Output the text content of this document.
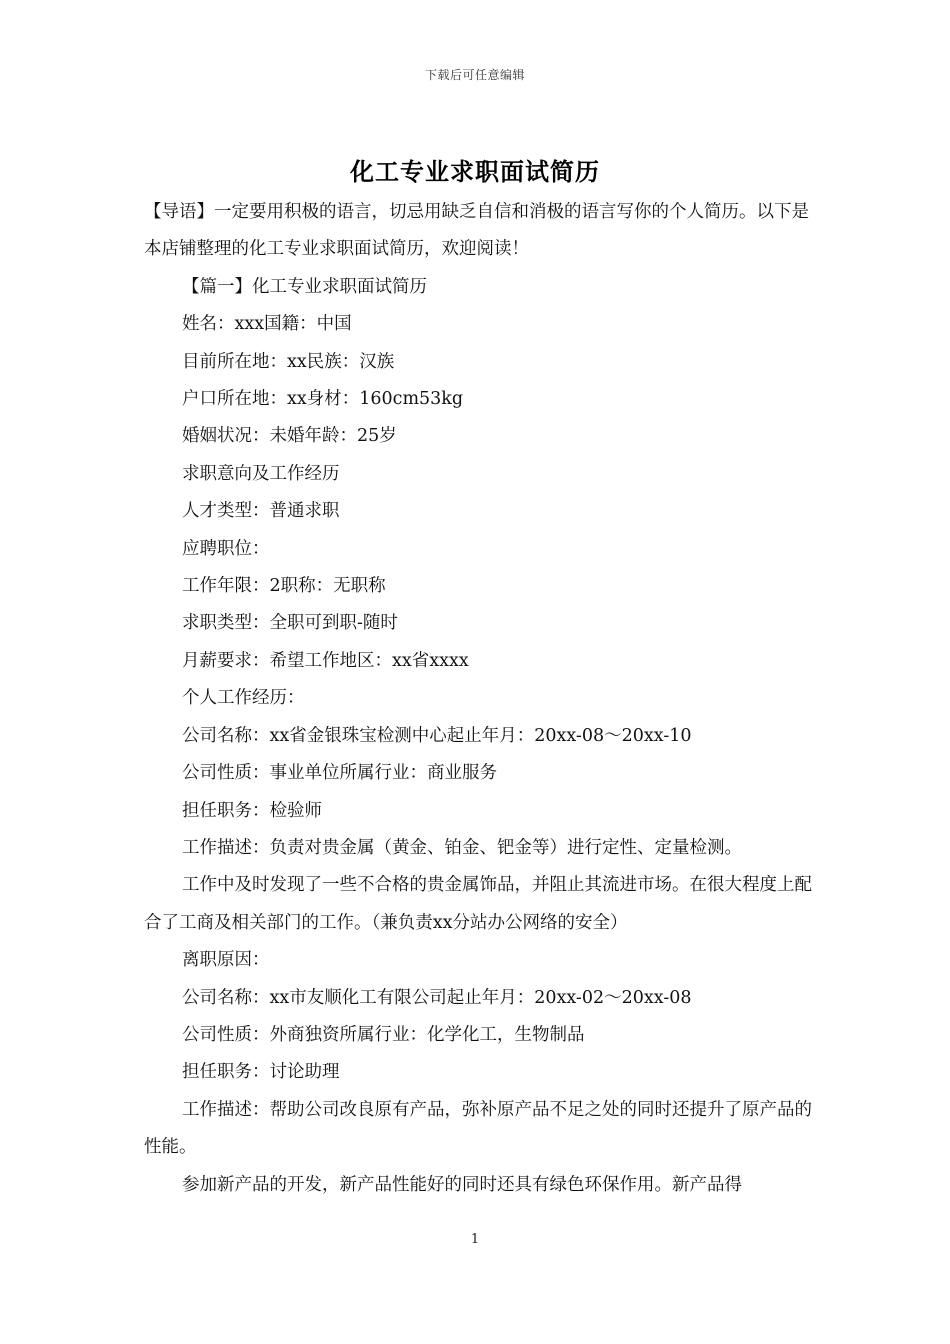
下载后可任意编辑
化工专业求职面试简历

【导语】一定要用积极的语言，切忌用缺乏自信和消极的语言写你的个人简历。以下是本店铺整理的化工专业求职面试简历，欢迎阅读！

【篇一】化工专业求职面试简历

姓名：xxx国籍：中国

目前所在地：xx民族：汉族

户口所在地：xx身材：160cm53kg

婚姻状况：未婚年龄：25岁

求职意向及工作经历

人才类型：普通求职

应聘职位：

工作年限：2职称：无职称

求职类型：全职可到职-随时

月薪要求：希望工作地区：xx省xxxx

个人工作经历：

公司名称：xx省金银珠宝检测中心起止年月：20xx-08～20xx-10

公司性质：事业单位所属行业：商业服务

担任职务：检验师

工作描述：负责对贵金属（黄金、铂金、钯金等）进行定性、定量检测。

工作中及时发现了一些不合格的贵金属饰品，并阻止其流进市场。在很大程度上配合了工商及相关部门的工作。（兼负责xx分站办公网络的安全）

离职原因：

公司名称：xx市友顺化工有限公司起止年月：20xx-02～20xx-08

公司性质：外商独资所属行业：化学化工，生物制品

担任职务：讨论助理

工作描述：帮助公司改良原有产品，弥补原产品不足之处的同时还提升了原产品的性能。

参加新产品的开发，新产品性能好的同时还具有绿色环保作用。新产品得

1
